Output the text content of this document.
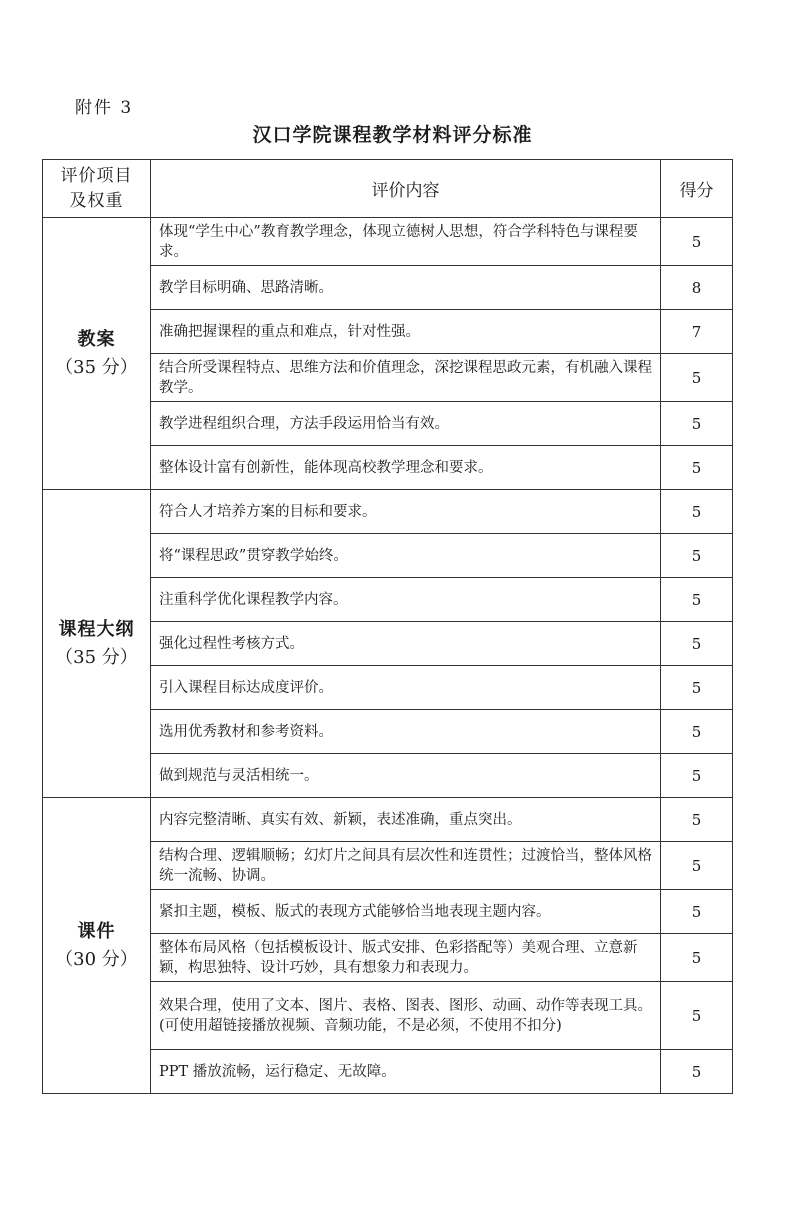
附件 3
汉口学院课程教学材料评分标准
评价项目
及权重	评价内容	得分

教案
（35 分）	体现“学生中心”教育教学理念，体现立德树人思想，符合学科特色与课程要求。	5
	教学目标明确、思路清晰。	8
	准确把握课程的重点和难点，针对性强。	7
	结合所受课程特点、思维方法和价值理念，深挖课程思政元素，有机融入课程教学。	5
	教学进程组织合理，方法手段运用恰当有效。	5
	整体设计富有创新性，能体现高校教学理念和要求。	5

课程大纲
（35 分）	符合人才培养方案的目标和要求。	5
	将“课程思政”贯穿教学始终。	5
	注重科学优化课程教学内容。	5
	强化过程性考核方式。	5
	引入课程目标达成度评价。	5
	选用优秀教材和参考资料。	5
	做到规范与灵活相统一。	5

课件
（30 分）	内容完整清晰、真实有效、新颖，表述准确，重点突出。	5
	结构合理、逻辑顺畅；幻灯片之间具有层次性和连贯性；过渡恰当，整体风格统一流畅、协调。	5
	紧扣主题，模板、版式的表现方式能够恰当地表现主题内容。	5
	整体布局风格（包括模板设计、版式安排、色彩搭配等）美观合理、立意新颖，构思独特、设计巧妙，具有想象力和表现力。	5
	效果合理，使用了文本、图片、表格、图表、图形、动画、动作等表现工具。(可使用超链接播放视频、音频功能，不是必须，不使用不扣分)	5
	PPT 播放流畅，运行稳定、无故障。	5
